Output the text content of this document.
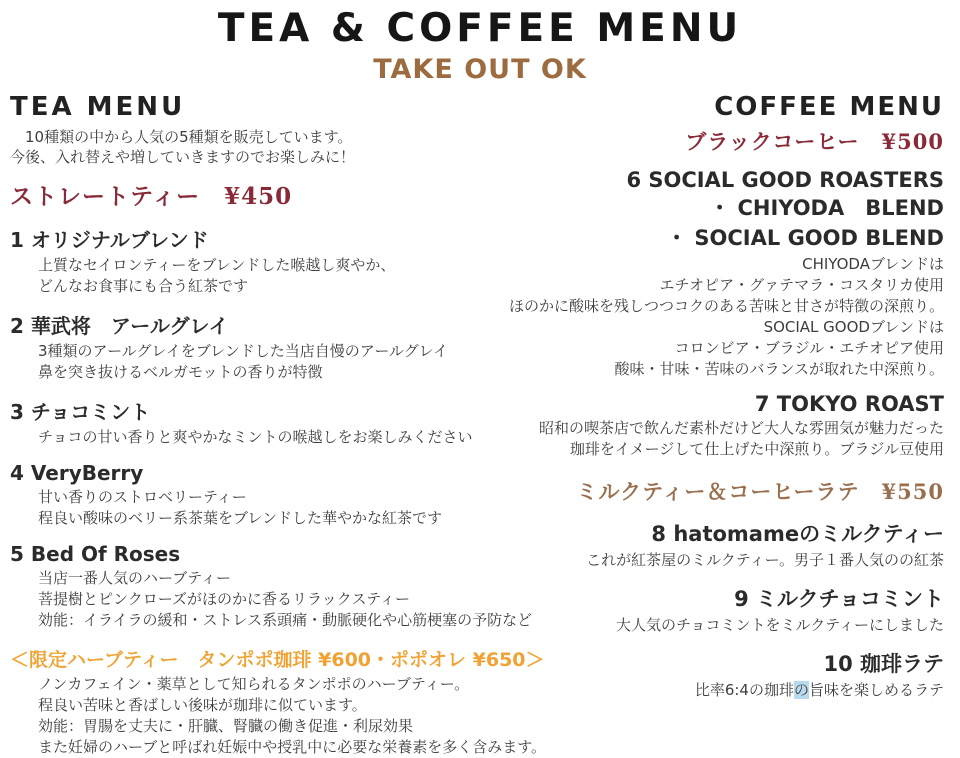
TEA & COFFEE MENU
TAKE OUT OK
TEA MENU
　10種類の中から人気の5種類を販売しています。
今後、入れ替えや増していきますのでお楽しみに！
ストレートティー　¥450
1 オリジナルブレンド
上質なセイロンティーをブレンドした喉越し爽やか、
どんなお食事にも合う紅茶です
2 華武将　アールグレイ
3種類のアールグレイをブレンドした当店自慢のアールグレイ
鼻を突き抜けるベルガモットの香りが特徴
3 チョコミント
チョコの甘い香りと爽やかなミントの喉越しをお楽しみください
4 VeryBerry
甘い香りのストロベリーティー
程良い酸味のベリー系茶葉をブレンドした華やかな紅茶です
5 Bed Of Roses
当店一番人気のハーブティー
菩提樹とピンクローズがほのかに香るリラックスティー
効能：イライラの緩和・ストレス系頭痛・動脈硬化や心筋梗塞の予防など
＜限定ハーブティー　タンポポ珈琲 ¥600・ポポオレ ¥650＞
ノンカフェイン・薬草として知られるタンポポのハーブティー。
程良い苦味と香ばしい後味が珈琲に似ています。
効能：胃腸を丈夫に・肝臓、腎臓の働き促進・利尿効果
また妊婦のハーブと呼ばれ妊娠中や授乳中に必要な栄養素を多く含みます。
COFFEE MENU
ブラックコーヒー　¥500
6 SOCIAL GOOD ROASTERS
・ CHIYODA　BLEND
・ SOCIAL GOOD BLEND
CHIYODAブレンドは
エチオピア・グァテマラ・コスタリカ使用
ほのかに酸味を残しつつコクのある苦味と甘さが特徴の深煎り。
SOCIAL GOODブレンドは
コロンビア・ブラジル・エチオピア使用
酸味・甘味・苦味のバランスが取れた中深煎り。
7 TOKYO ROAST
昭和の喫茶店で飲んだ素朴だけど大人な雰囲気が魅力だった
珈琲をイメージして仕上げた中深煎り。ブラジル豆使用
ミルクティー＆コーヒーラテ　¥550
8 hatomameのミルクティー
これが紅茶屋のミルクティー。男子１番人気のの紅茶
9 ミルクチョコミント
大人気のチョコミントをミルクティーにしました
10 珈琲ラテ
比率6:4の珈琲の旨味を楽しめるラテ
